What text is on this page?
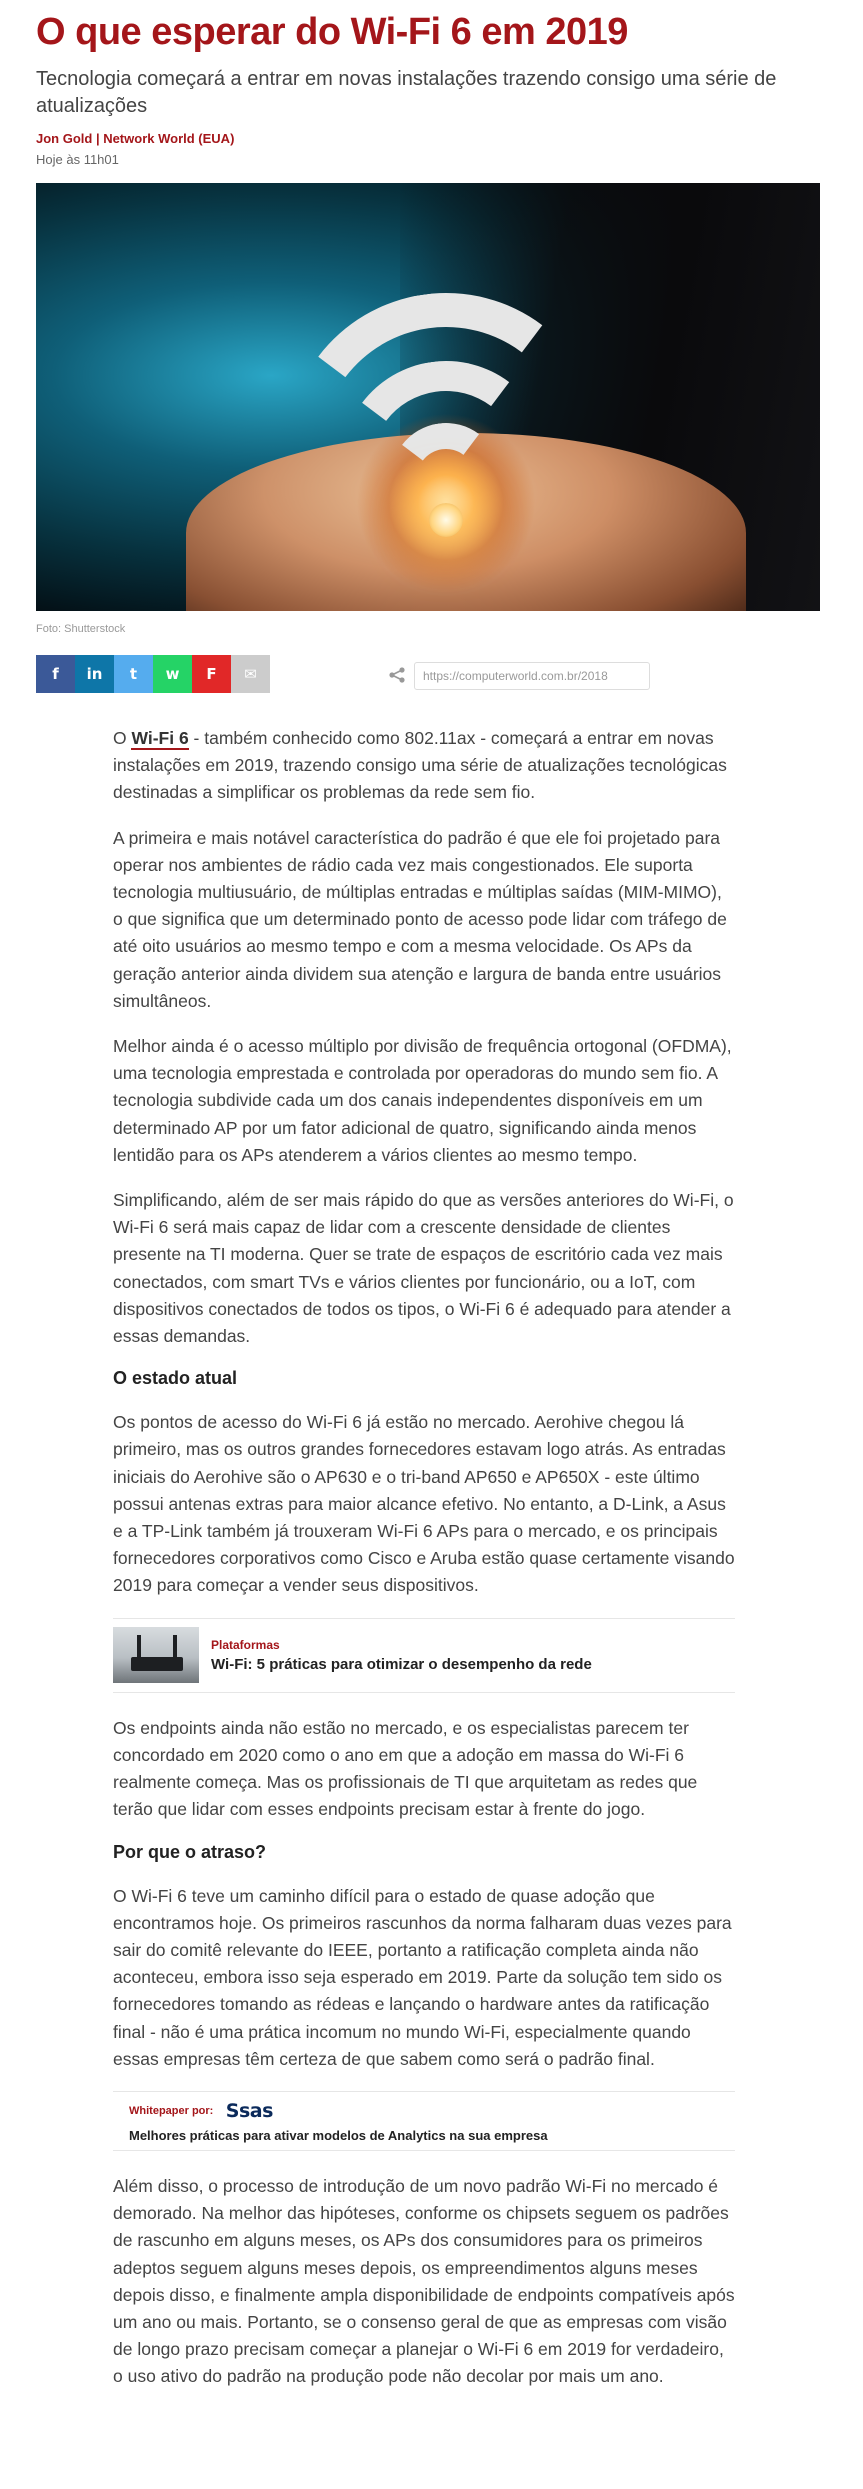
O que esperar do Wi-Fi 6 em 2019
Tecnologia começará a entrar em novas instalações trazendo consigo uma série de atualizações
Jon Gold | Network World (EUA)
Hoje às 11h01
Foto: Shutterstock
f	in	t	w	F	✉
https://computerworld.com.br/2018

O Wi-Fi 6 - também conhecido como 802.11ax - começará a entrar em novas instalações em 2019, trazendo consigo uma série de atualizações tecnológicas destinadas a simplificar os problemas da rede sem fio.

A primeira e mais notável característica do padrão é que ele foi projetado para operar nos ambientes de rádio cada vez mais congestionados. Ele suporta tecnologia multiusuário, de múltiplas entradas e múltiplas saídas (MIM-MIMO), o que significa que um determinado ponto de acesso pode lidar com tráfego de até oito usuários ao mesmo tempo e com a mesma velocidade. Os APs da geração anterior ainda dividem sua atenção e largura de banda entre usuários simultâneos.

Melhor ainda é o acesso múltiplo por divisão de frequência ortogonal (OFDMA), uma tecnologia emprestada e controlada por operadoras do mundo sem fio. A tecnologia subdivide cada um dos canais independentes disponíveis em um determinado AP por um fator adicional de quatro, significando ainda menos lentidão para os APs atenderem a vários clientes ao mesmo tempo.

Simplificando, além de ser mais rápido do que as versões anteriores do Wi-Fi, o Wi-Fi 6 será mais capaz de lidar com a crescente densidade de clientes presente na TI moderna. Quer se trate de espaços de escritório cada vez mais conectados, com smart TVs e vários clientes por funcionário, ou a IoT, com dispositivos conectados de todos os tipos, o Wi-Fi 6 é adequado para atender a essas demandas.

O estado atual

Os pontos de acesso do Wi-Fi 6 já estão no mercado. Aerohive chegou lá primeiro, mas os outros grandes fornecedores estavam logo atrás. As entradas iniciais do Aerohive são o AP630 e o tri-band AP650 e AP650X - este último possui antenas extras para maior alcance efetivo. No entanto, a D-Link, a Asus e a TP-Link também já trouxeram Wi-Fi 6 APs para o mercado, e os principais fornecedores corporativos como Cisco e Aruba estão quase certamente visando 2019 para começar a vender seus dispositivos.

Plataformas
Wi-Fi: 5 práticas para otimizar o desempenho da rede

Os endpoints ainda não estão no mercado, e os especialistas parecem ter concordado em 2020 como o ano em que a adoção em massa do Wi-Fi 6 realmente começa. Mas os profissionais de TI que arquitetam as redes que terão que lidar com esses endpoints precisam estar à frente do jogo.

Por que o atraso?

O Wi-Fi 6 teve um caminho difícil para o estado de quase adoção que encontramos hoje. Os primeiros rascunhos da norma falharam duas vezes para sair do comitê relevante do IEEE, portanto a ratificação completa ainda não aconteceu, embora isso seja esperado em 2019. Parte da solução tem sido os fornecedores tomando as rédeas e lançando o hardware antes da ratificação final - não é uma prática incomum no mundo Wi-Fi, especialmente quando essas empresas têm certeza de que sabem como será o padrão final.

Whitepaper por: Ssas
Melhores práticas para ativar modelos de Analytics na sua empresa

Além disso, o processo de introdução de um novo padrão Wi-Fi no mercado é demorado. Na melhor das hipóteses, conforme os chipsets seguem os padrões de rascunho em alguns meses, os APs dos consumidores para os primeiros adeptos seguem alguns meses depois, os empreendimentos alguns meses depois disso, e finalmente ampla disponibilidade de endpoints compatíveis após um ano ou mais. Portanto, se o consenso geral de que as empresas com visão de longo prazo precisam começar a planejar o Wi-Fi 6 em 2019 for verdadeiro, o uso ativo do padrão na produção pode não decolar por mais um ano.
